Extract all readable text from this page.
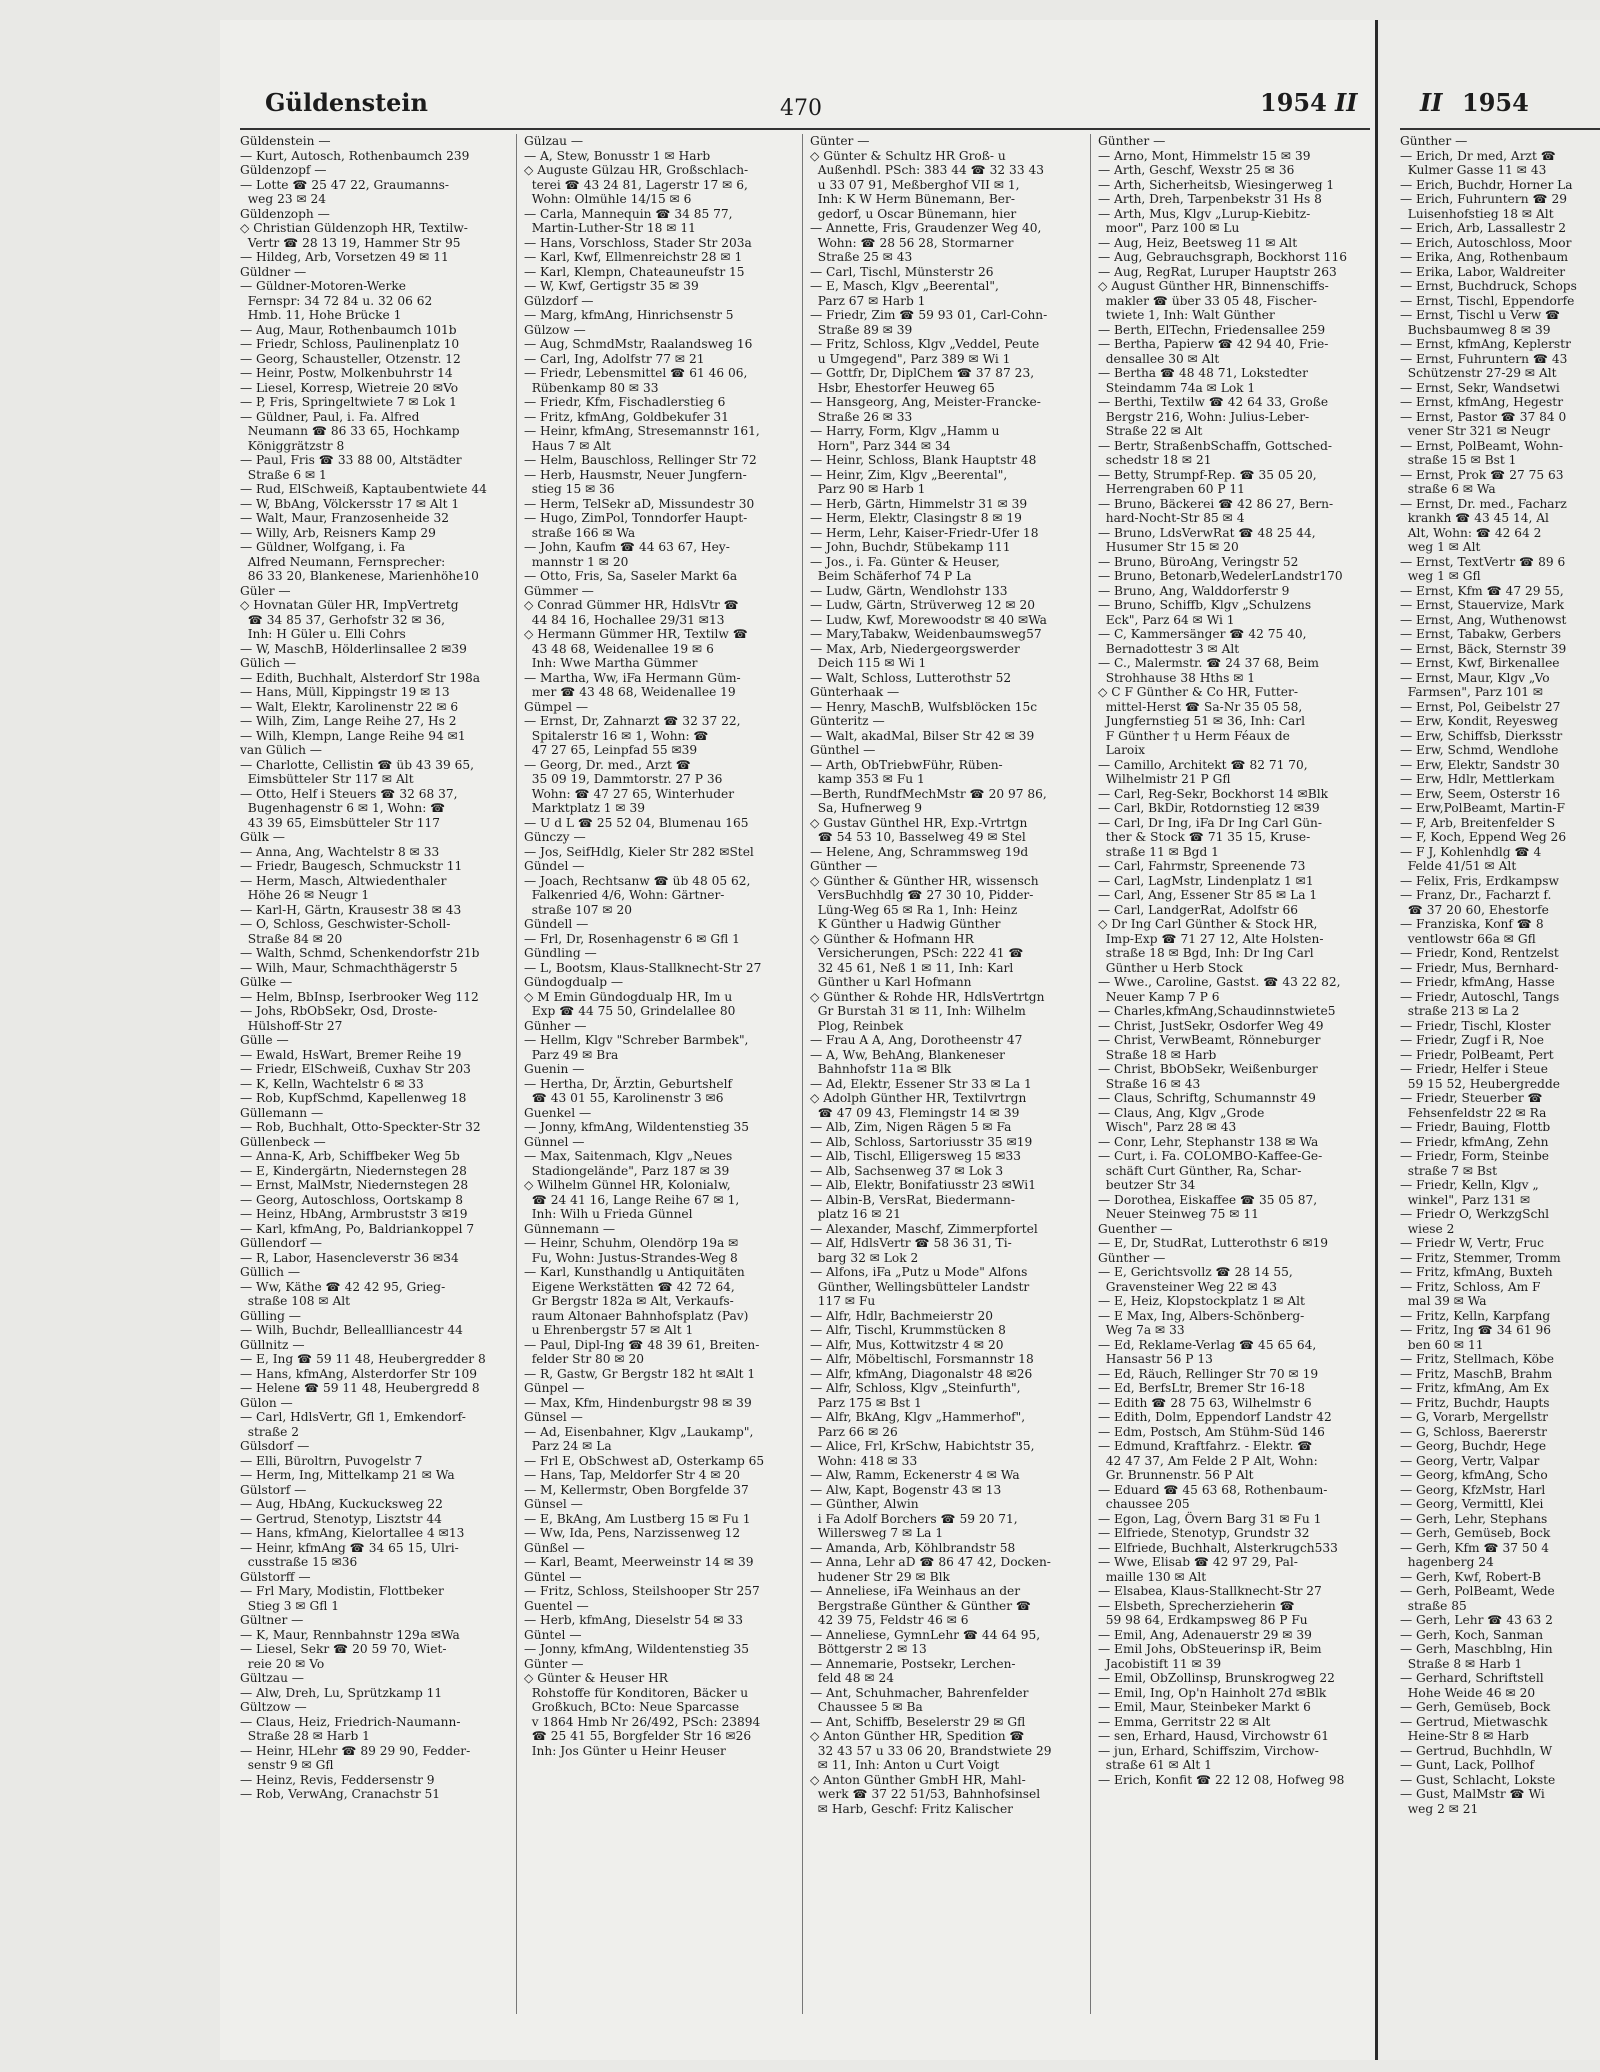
Güldenstein	470	1954 II	II 1954
Güldenstein —
— Kurt, Autosch, Rothenbaumch 239
Güldenzopf —
— Lotte ☎ 25 47 22, Graumanns-
weg 23 ✉ 24
Güldenzoph —
◇ Christian Güldenzoph HR, Textilw-
Vertr ☎ 28 13 19, Hammer Str 95
— Hildeg, Arb, Vorsetzen 49 ✉ 11
Güldner —
— Güldner-Motoren-Werke
Fernspr: 34 72 84 u. 32 06 62
Hmb. 11, Hohe Brücke 1
— Aug, Maur, Rothenbaumch 101b
— Friedr, Schloss, Paulinenplatz 10
— Georg, Schausteller, Otzenstr. 12
— Heinr, Postw, Molkenbuhrstr 14
— Liesel, Korresp, Wietreie 20 ✉Vo
— P, Fris, Springeltwiete 7 ✉ Lok 1
— Güldner, Paul, i. Fa. Alfred
Neumann ☎ 86 33 65, Hochkamp
Königgrätzstr 8
— Paul, Fris ☎ 33 88 00, Altstädter
Straße 6 ✉ 1
— Rud, ElSchweiß, Kaptaubentwiete 44
— W, BbAng, Völckersstr 17 ✉ Alt 1
— Walt, Maur, Franzosenheide 32
— Willy, Arb, Reisners Kamp 29
— Güldner, Wolfgang, i. Fa
Alfred Neumann, Fernsprecher:
86 33 20, Blankenese, Marienhöhe10
Güler —
◇ Hovnatan Güler HR, ImpVertretg
☎ 34 85 37, Gerhofstr 32 ✉ 36,
Inh: H Güler u. Elli Cohrs
— W, MaschB, Hölderlinsallee 2 ✉39
Gülich —
— Edith, Buchhalt, Alsterdorf Str 198a
— Hans, Müll, Kippingstr 19 ✉ 13
— Walt, Elektr, Karolinenstr 22 ✉ 6
— Wilh, Zim, Lange Reihe 27, Hs 2
— Wilh, Klempn, Lange Reihe 94 ✉1
van Gülich —
— Charlotte, Cellistin ☎ üb 43 39 65,
Eimsbütteler Str 117 ✉ Alt
— Otto, Helf i Steuers ☎ 32 68 37,
Bugenhagenstr 6 ✉ 1, Wohn: ☎
43 39 65, Eimsbütteler Str 117
Gülk —
— Anna, Ang, Wachtelstr 8 ✉ 33
— Friedr, Baugesch, Schmuckstr 11
— Herm, Masch, Altwiedenthaler
Höhe 26 ✉ Neugr 1
— Karl-H, Gärtn, Krausestr 38 ✉ 43
— O, Schloss, Geschwister-Scholl-
Straße 84 ✉ 20
— Walth, Schmd, Schenkendorfstr 21b
— Wilh, Maur, Schmachthägerstr 5
Gülke —
— Helm, BbInsp, Iserbrooker Weg 112
— Johs, RbObSekr, Osd, Droste-
Hülshoff-Str 27
Gülle —
— Ewald, HsWart, Bremer Reihe 19
— Friedr, ElSchweiß, Cuxhav Str 203
— K, Kelln, Wachtelstr 6 ✉ 33
— Rob, KupfSchmd, Kapellenweg 18
Güllemann —
— Rob, Buchhalt, Otto-Speckter-Str 32
Güllenbeck —
— Anna-K, Arb, Schiffbeker Weg 5b
— E, Kindergärtn, Niedernstegen 28
— Ernst, MalMstr, Niedernstegen 28
— Georg, Autoschloss, Oortskamp 8
— Heinz, HbAng, Armbruststr 3 ✉19
— Karl, kfmAng, Po, Baldriankoppel 7
Güllendorf —
— R, Labor, Hasencleverstr 36 ✉34
Güllich —
— Ww, Käthe ☎ 42 42 95, Grieg-
straße 108 ✉ Alt
Gülling —
— Wilh, Buchdr, Belleallliancestr 44
Güllnitz —
— E, Ing ☎ 59 11 48, Heubergredder 8
— Hans, kfmAng, Alsterdorfer Str 109
— Helene ☎ 59 11 48, Heubergredd 8
Gülon —
— Carl, HdlsVertr, Gfl 1, Emkendorf-
straße 2
Gülsdorf —
— Elli, Büroltrn, Puvogelstr 7
— Herm, Ing, Mittelkamp 21 ✉ Wa
Gülstorf —
— Aug, HbAng, Kuckucksweg 22
— Gertrud, Stenotyp, Lisztstr 44
— Hans, kfmAng, Kielortallee 4 ✉13
— Heinr, kfmAng ☎ 34 65 15, Ulri-
cusstraße 15 ✉36
Gülstorff —
— Frl Mary, Modistin, Flottbeker
Stieg 3 ✉ Gfl 1
Gültner —
— K, Maur, Rennbahnstr 129a ✉Wa
— Liesel, Sekr ☎ 20 59 70, Wiet-
reie 20 ✉ Vo
Gültzau —
— Alw, Dreh, Lu, Sprützkamp 11
Gültzow —
— Claus, Heiz, Friedrich-Naumann-
Straße 28 ✉ Harb 1
— Heinr, HLehr ☎ 89 29 90, Fedder-
senstr 9 ✉ Gfl
— Heinz, Revis, Feddersenstr 9
— Rob, VerwAng, Cranachstr 51
Gülzau —
— A, Stew, Bonusstr 1 ✉ Harb
◇ Auguste Gülzau HR, Großschlach-
terei ☎ 43 24 81, Lagerstr 17 ✉ 6,
Wohn: Olmühle 14/15 ✉ 6
— Carla, Mannequin ☎ 34 85 77,
Martin-Luther-Str 18 ✉ 11
— Hans, Vorschloss, Stader Str 203a
— Karl, Kwf, Ellmenreichstr 28 ✉ 1
— Karl, Klempn, Chateauneufstr 15
— W, Kwf, Gertigstr 35 ✉ 39
Gülzdorf —
— Marg, kfmAng, Hinrichsenstr 5
Gülzow —
— Aug, SchmdMstr, Raalandsweg 16
— Carl, Ing, Adolfstr 77 ✉ 21
— Friedr, Lebensmittel ☎ 61 46 06,
Rübenkamp 80 ✉ 33
— Friedr, Kfm, Fischadlerstieg 6
— Fritz, kfmAng, Goldbekufer 31
— Heinr, kfmAng, Stresemannstr 161,
Haus 7 ✉ Alt
— Helm, Bauschloss, Rellinger Str 72
— Herb, Hausmstr, Neuer Jungfern-
stieg 15 ✉ 36
— Herm, TelSekr aD, Missundestr 30
— Hugo, ZimPol, Tonndorfer Haupt-
straße 166 ✉ Wa
— John, Kaufm ☎ 44 63 67, Hey-
mannstr 1 ✉ 20
— Otto, Fris, Sa, Saseler Markt 6a
Gümmer —
◇ Conrad Gümmer HR, HdlsVtr ☎
44 84 16, Hochallee 29/31 ✉13
◇ Hermann Gümmer HR, Textilw ☎
43 48 68, Weidenallee 19 ✉ 6
Inh: Wwe Martha Gümmer
— Martha, Ww, iFa Hermann Güm-
mer ☎ 43 48 68, Weidenallee 19
Gümpel —
— Ernst, Dr, Zahnarzt ☎ 32 37 22,
Spitalerstr 16 ✉ 1, Wohn: ☎
47 27 65, Leinpfad 55 ✉39
— Georg, Dr. med., Arzt ☎
35 09 19, Dammtorstr. 27 P 36
Wohn: ☎ 47 27 65, Winterhuder
Marktplatz 1 ✉ 39
— U d L ☎ 25 52 04, Blumenau 165
Günczy —
— Jos, SeifHdlg, Kieler Str 282 ✉Stel
Gündel —
— Joach, Rechtsanw ☎ üb 48 05 62,
Falkenried 4/6, Wohn: Gärtner-
straße 107 ✉ 20
Gündell —
— Frl, Dr, Rosenhagenstr 6 ✉ Gfl 1
Gündling —
— L, Bootsm, Klaus-Stallknecht-Str 27
Gündogdualp —
◇ M Emin Gündogdualp HR, Im u
Exp ☎ 44 75 50, Grindelallee 80
Günher —
— Hellm, Klgv "Schreber Barmbek",
Parz 49 ✉ Bra
Guenin —
— Hertha, Dr, Ärztin, Geburtshelf
☎ 43 01 55, Karolinenstr 3 ✉6
Guenkel —
— Jonny, kfmAng, Wildentenstieg 35
Günnel —
— Max, Saitenmach, Klgv „Neues
Stadiongelände", Parz 187 ✉ 39
◇ Wilhelm Günnel HR, Kolonialw,
☎ 24 41 16, Lange Reihe 67 ✉ 1,
Inh: Wilh u Frieda Günnel
Günnemann —
— Heinr, Schuhm, Olendörp 19a ✉
Fu, Wohn: Justus-Strandes-Weg 8
— Karl, Kunsthandlg u Antiquitäten
Eigene Werkstätten ☎ 42 72 64,
Gr Bergstr 182a ✉ Alt, Verkaufs-
raum Altonaer Bahnhofsplatz (Pav)
u Ehrenbergstr 57 ✉ Alt 1
— Paul, Dipl-Ing ☎ 48 39 61, Breiten-
felder Str 80 ✉ 20
— R, Gastw, Gr Bergstr 182 ht ✉Alt 1
Günpel —
— Max, Kfm, Hindenburgstr 98 ✉ 39
Günsel —
— Ad, Eisenbahner, Klgv „Laukamp",
Parz 24 ✉ La
— Frl E, ObSchwest aD, Osterkamp 65
— Hans, Tap, Meldorfer Str 4 ✉ 20
— M, Kellermstr, Oben Borgfelde 37
Günsel —
— E, BkAng, Am Lustberg 15 ✉ Fu 1
— Ww, Ida, Pens, Narzissenweg 12
Günßel —
— Karl, Beamt, Meerweinstr 14 ✉ 39
Güntel —
— Fritz, Schloss, Steilshooper Str 257
Guentel —
— Herb, kfmAng, Dieselstr 54 ✉ 33
Güntel —
— Jonny, kfmAng, Wildentenstieg 35
Günter —
◇ Günter & Heuser HR
Rohstoffe für Konditoren, Bäcker u
Großkuch, BCto: Neue Sparcasse
v 1864 Hmb Nr 26/492, PSch: 23894
☎ 25 41 55, Borgfelder Str 16 ✉26
Inh: Jos Günter u Heinr Heuser
Günter —
◇ Günter & Schultz HR Groß- u
Außenhdl. PSch: 383 44 ☎ 32 33 43
u 33 07 91, Meßberghof VII ✉ 1,
Inh: K W Herm Bünemann, Ber-
gedorf, u Oscar Bünemann, hier
— Annette, Fris, Graudenzer Weg 40,
Wohn: ☎ 28 56 28, Stormarner
Straße 25 ✉ 43
— Carl, Tischl, Münsterstr 26
— E, Masch, Klgv „Beerental",
Parz 67 ✉ Harb 1
— Friedr, Zim ☎ 59 93 01, Carl-Cohn-
Straße 89 ✉ 39
— Fritz, Schloss, Klgv „Veddel, Peute
u Umgegend", Parz 389 ✉ Wi 1
— Gottfr, Dr, DiplChem ☎ 37 87 23,
Hsbr, Ehestorfer Heuweg 65
— Hansgeorg, Ang, Meister-Francke-
Straße 26 ✉ 33
— Harry, Form, Klgv „Hamm u
Horn", Parz 344 ✉ 34
— Heinr, Schloss, Blank Hauptstr 48
— Heinr, Zim, Klgv „Beerental",
Parz 90 ✉ Harb 1
— Herb, Gärtn, Himmelstr 31 ✉ 39
— Herm, Elektr, Clasingstr 8 ✉ 19
— Herm, Lehr, Kaiser-Friedr-Ufer 18
— John, Buchdr, Stübekamp 111
— Jos., i. Fa. Günter & Heuser,
Beim Schäferhof 74 P La
— Ludw, Gärtn, Wendlohstr 133
— Ludw, Gärtn, Strüverweg 12 ✉ 20
— Ludw, Kwf, Morewoodstr ✉ 40 ✉Wa
— Mary,Tabakw, Weidenbaumsweg57
— Max, Arb, Niedergeorgswerder
Deich 115 ✉ Wi 1
— Walt, Schloss, Lutterothstr 52
Günterhaak —
— Henry, MaschB, Wulfsblöcken 15c
Günteritz —
— Walt, akadMal, Bilser Str 42 ✉ 39
Günthel —
— Arth, ObTriebwFühr, Rüben-
kamp 353 ✉ Fu 1
—Berth, RundfMechMstr ☎ 20 97 86,
Sa, Hufnerweg 9
◇ Gustav Günthel HR, Exp.-Vrtrtgn
☎ 54 53 10, Basselweg 49 ✉ Stel
— Helene, Ang, Schrammsweg 19d
Günther —
◇ Günther & Günther HR, wissensch
VersBuchhdlg ☎ 27 30 10, Pidder-
Lüng-Weg 65 ✉ Ra 1, Inh: Heinz
K Günther u Hadwig Günther
◇ Günther & Hofmann HR
Versicherungen, PSch: 222 41 ☎
32 45 61, Neß 1 ✉ 11, Inh: Karl
Günther u Karl Hofmann
◇ Günther & Rohde HR, HdlsVertrtgn
Gr Burstah 31 ✉ 11, Inh: Wilhelm
Plog, Reinbek
— Frau A A, Ang, Dorotheenstr 47
— A, Ww, BehAng, Blankeneser
Bahnhofstr 11a ✉ Blk
— Ad, Elektr, Essener Str 33 ✉ La 1
◇ Adolph Günther HR, Textilvrtrgn
☎ 47 09 43, Flemingstr 14 ✉ 39
— Alb, Zim, Nigen Rägen 5 ✉ Fa
— Alb, Schloss, Sartoriusstr 35 ✉19
— Alb, Tischl, Elligersweg 15 ✉33
— Alb, Sachsenweg 37 ✉ Lok 3
— Alb, Elektr, Bonifatiusstr 23 ✉Wi1
— Albin-B, VersRat, Biedermann-
platz 16 ✉ 21
— Alexander, Maschf, Zimmerpfortel
— Alf, HdlsVertr ☎ 58 36 31, Ti-
barg 32 ✉ Lok 2
— Alfons, iFa „Putz u Mode" Alfons
Günther, Wellingsbütteler Landstr
117 ✉ Fu
— Alfr, Hdlr, Bachmeierstr 20
— Alfr, Tischl, Krummstücken 8
— Alfr, Mus, Kottwitzstr 4 ✉ 20
— Alfr, Möbeltischl, Forsmannstr 18
— Alfr, kfmAng, Diagonalstr 48 ✉26
— Alfr, Schloss, Klgv „Steinfurth",
Parz 175 ✉ Bst 1
— Alfr, BkAng, Klgv „Hammerhof",
Parz 66 ✉ 26
— Alice, Frl, KrSchw, Habichtstr 35,
Wohn: 418 ✉ 33
— Alw, Ramm, Eckenerstr 4 ✉ Wa
— Alw, Kapt, Bogenstr 43 ✉ 13
— Günther, Alwin
i Fa Adolf Borchers ☎ 59 20 71,
Willersweg 7 ✉ La 1
— Amanda, Arb, Köhlbrandstr 58
— Anna, Lehr aD ☎ 86 47 42, Docken-
hudener Str 29 ✉ Blk
— Anneliese, iFa Weinhaus an der
Bergstraße Günther & Günther ☎
42 39 75, Feldstr 46 ✉ 6
— Anneliese, GymnLehr ☎ 44 64 95,
Böttgerstr 2 ✉ 13
— Annemarie, Postsekr, Lerchen-
feld 48 ✉ 24
— Ant, Schuhmacher, Bahrenfelder
Chaussee 5 ✉ Ba
— Ant, Schiffb, Beselerstr 29 ✉ Gfl
◇ Anton Günther HR, Spedition ☎
32 43 57 u 33 06 20, Brandstwiete 29
✉ 11, Inh: Anton u Curt Voigt
◇ Anton Günther GmbH HR, Mahl-
werk ☎ 37 22 51/53, Bahnhofsinsel
✉ Harb, Geschf: Fritz Kalischer
Günther —
— Arno, Mont, Himmelstr 15 ✉ 39
— Arth, Geschf, Wexstr 25 ✉ 36
— Arth, Sicherheitsb, Wiesingerweg 1
— Arth, Dreh, Tarpenbekstr 31 Hs 8
— Arth, Mus, Klgv „Lurup-Kiebitz-
moor", Parz 100 ✉ Lu
— Aug, Heiz, Beetsweg 11 ✉ Alt
— Aug, Gebrauchsgraph, Bockhorst 116
— Aug, RegRat, Luruper Hauptstr 263
◇ August Günther HR, Binnenschiffs-
makler ☎ über 33 05 48, Fischer-
twiete 1, Inh: Walt Günther
— Berth, ElTechn, Friedensallee 259
— Bertha, Papierw ☎ 42 94 40, Frie-
densallee 30 ✉ Alt
— Bertha ☎ 48 48 71, Lokstedter
Steindamm 74a ✉ Lok 1
— Berthi, Textilw ☎ 42 64 33, Große
Bergstr 216, Wohn: Julius-Leber-
Straße 22 ✉ Alt
— Bertr, StraßenbSchaffn, Gottsched-
schedstr 18 ✉ 21
— Betty, Strumpf-Rep. ☎ 35 05 20,
Herrengraben 60 P 11
— Bruno, Bäckerei ☎ 42 86 27, Bern-
hard-Nocht-Str 85 ✉ 4
— Bruno, LdsVerwRat ☎ 48 25 44,
Husumer Str 15 ✉ 20
— Bruno, BüroAng, Veringstr 52
— Bruno, Betonarb,WedelerLandstr170
— Bruno, Ang, Walddorferstr 9
— Bruno, Schiffb, Klgv „Schulzens
Eck", Parz 64 ✉ Wi 1
— C, Kammersänger ☎ 42 75 40,
Bernadottestr 3 ✉ Alt
— C., Malermstr. ☎ 24 37 68, Beim
Strohhause 38 Hths ✉ 1
◇ C F Günther & Co HR, Futter-
mittel-Herst ☎ Sa-Nr 35 05 58,
Jungfernstieg 51 ✉ 36, Inh: Carl
F Günther † u Herm Féaux de
Laroix
— Camillo, Architekt ☎ 82 71 70,
Wilhelmistr 21 P Gfl
— Carl, Reg-Sekr, Bockhorst 14 ✉Blk
— Carl, BkDir, Rotdornstieg 12 ✉39
— Carl, Dr Ing, iFa Dr Ing Carl Gün-
ther & Stock ☎ 71 35 15, Kruse-
straße 11 ✉ Bgd 1
— Carl, Fahrmstr, Spreenende 73
— Carl, LagMstr, Lindenplatz 1 ✉1
— Carl, Ang, Essener Str 85 ✉ La 1
— Carl, LandgerRat, Adolfstr 66
◇ Dr Ing Carl Günther & Stock HR,
Imp-Exp ☎ 71 27 12, Alte Holsten-
straße 18 ✉ Bgd, Inh: Dr Ing Carl
Günther u Herb Stock
— Wwe., Caroline, Gastst. ☎ 43 22 82,
Neuer Kamp 7 P 6
— Charles,kfmAng,Schaudinnstwiete5
— Christ, JustSekr, Osdorfer Weg 49
— Christ, VerwBeamt, Rönneburger
Straße 18 ✉ Harb
— Christ, BbObSekr, Weißenburger
Straße 16 ✉ 43
— Claus, Schriftg, Schumannstr 49
— Claus, Ang, Klgv „Grode
Wisch", Parz 28 ✉ 43
— Conr, Lehr, Stephanstr 138 ✉ Wa
— Curt, i. Fa. COLOMBO-Kaffee-Ge-
schäft Curt Günther, Ra, Schar-
beutzer Str 34
— Dorothea, Eiskaffee ☎ 35 05 87,
Neuer Steinweg 75 ✉ 11
Guenther —
— E, Dr, StudRat, Lutterothstr 6 ✉19
Günther —
— E, Gerichtsvollz ☎ 28 14 55,
Gravensteiner Weg 22 ✉ 43
— E, Heiz, Klopstockplatz 1 ✉ Alt
— E Max, Ing, Albers-Schönberg-
Weg 7a ✉ 33
— Ed, Reklame-Verlag ☎ 45 65 64,
Hansastr 56 P 13
— Ed, Räuch, Rellinger Str 70 ✉ 19
— Ed, BerfsLtr, Bremer Str 16-18
— Edith ☎ 28 75 63, Wilhelmstr 6
— Edith, Dolm, Eppendorf Landstr 42
— Edm, Postsch, Am Stühm-Süd 146
— Edmund, Kraftfahrz. - Elektr. ☎
42 47 37, Am Felde 2 P Alt, Wohn:
Gr. Brunnenstr. 56 P Alt
— Eduard ☎ 45 63 68, Rothenbaum-
chaussee 205
— Egon, Lag, Övern Barg 31 ✉ Fu 1
— Elfriede, Stenotyp, Grundstr 32
— Elfriede, Buchhalt, Alsterkrugch533
— Wwe, Elisab ☎ 42 97 29, Pal-
maille 130 ✉ Alt
— Elsabea, Klaus-Stallknecht-Str 27
— Elsbeth, Sprecherzieherin ☎
59 98 64, Erdkampsweg 86 P Fu
— Emil, Ang, Adenauerstr 29 ✉ 39
— Emil Johs, ObSteuerinsp iR, Beim
Jacobistift 11 ✉ 39
— Emil, ObZollinsp, Brunskrogweg 22
— Emil, Ing, Op'n Hainholt 27d ✉Blk
— Emil, Maur, Steinbeker Markt 6
— Emma, Gerritstr 22 ✉ Alt
— sen, Erhard, Hausd, Virchowstr 61
— jun, Erhard, Schiffszim, Virchow-
straße 61 ✉ Alt 1
— Erich, Konfit ☎ 22 12 08, Hofweg 98
Günther —
— Erich, Dr med, Arzt ☎
Kulmer Gasse 11 ✉ 43
— Erich, Buchdr, Horner La
— Erich, Fuhruntern ☎ 29
Luisenhofstieg 18 ✉ Alt
— Erich, Arb, Lassallestr 2
— Erich, Autoschloss, Moor
— Erika, Ang, Rothenbaum
— Erika, Labor, Waldreiter
— Ernst, Buchdruck, Schops
— Ernst, Tischl, Eppendorfe
— Ernst, Tischl u Verw ☎
Buchsbaumweg 8 ✉ 39
— Ernst, kfmAng, Keplerstr
— Ernst, Fuhruntern ☎ 43
Schützenstr 27-29 ✉ Alt
— Ernst, Sekr, Wandsetwi
— Ernst, kfmAng, Hegestr
— Ernst, Pastor ☎ 37 84 0
vener Str 321 ✉ Neugr
— Ernst, PolBeamt, Wohn-
straße 15 ✉ Bst 1
— Ernst, Prok ☎ 27 75 63
straße 6 ✉ Wa
— Ernst, Dr. med., Facharz
krankh ☎ 43 45 14, Al
Alt, Wohn: ☎ 42 64 2
weg 1 ✉ Alt
— Ernst, TextVertr ☎ 89 6
weg 1 ✉ Gfl
— Ernst, Kfm ☎ 47 29 55,
— Ernst, Stauervize, Mark
— Ernst, Ang, Wuthenowst
— Ernst, Tabakw, Gerbers
— Ernst, Bäck, Sternstr 39
— Ernst, Kwf, Birkenallee
— Ernst, Maur, Klgv „Vo
Farmsen", Parz 101 ✉
— Ernst, Pol, Geibelstr 27
— Erw, Kondit, Reyesweg
— Erw, Schiffsb, Dierksstr
— Erw, Schmd, Wendlohe
— Erw, Elektr, Sandstr 30
— Erw, Hdlr, Mettlerkam
— Erw, Seem, Osterstr 16
— Erw,PolBeamt, Martin-F
— F, Arb, Breitenfelder S
— F, Koch, Eppend Weg 26
— F J, Kohlenhdlg ☎ 4
Felde 41/51 ✉ Alt
— Felix, Fris, Erdkampsw
— Franz, Dr., Facharzt f.
☎ 37 20 60, Ehestorfe
— Franziska, Konf ☎ 8
ventlowstr 66a ✉ Gfl
— Friedr, Kond, Rentzelst
— Friedr, Mus, Bernhard-
— Friedr, kfmAng, Hasse
— Friedr, Autoschl, Tangs
straße 213 ✉ La 2
— Friedr, Tischl, Kloster
— Friedr, Zugf i R, Noe
— Friedr, PolBeamt, Pert
— Friedr, Helfer i Steue
59 15 52, Heubergredde
— Friedr, Steuerber ☎
Fehsenfeldstr 22 ✉ Ra
— Friedr, Bauing, Flottb
— Friedr, kfmAng, Zehn
— Friedr, Form, Steinbe
straße 7 ✉ Bst
— Friedr, Kelln, Klgv „
winkel", Parz 131 ✉
— Friedr O, WerkzgSchl
wiese 2
— Friedr W, Vertr, Fruc
— Fritz, Stemmer, Tromm
— Fritz, kfmAng, Buxteh
— Fritz, Schloss, Am F
mal 39 ✉ Wa
— Fritz, Kelln, Karpfang
— Fritz, Ing ☎ 34 61 96
ben 60 ✉ 11
— Fritz, Stellmach, Köbe
— Fritz, MaschB, Brahm
— Fritz, kfmAng, Am Ex
— Fritz, Buchdr, Haupts
— G, Vorarb, Mergellstr
— G, Schloss, Baererstr
— Georg, Buchdr, Hege
— Georg, Vertr, Valpar
— Georg, kfmAng, Scho
— Georg, KfzMstr, Harl
— Georg, Vermittl, Klei
— Gerh, Lehr, Stephans
— Gerh, Gemüseb, Bock
— Gerh, Kfm ☎ 37 50 4
hagenberg 24
— Gerh, Kwf, Robert-B
— Gerh, PolBeamt, Wede
straße 85
— Gerh, Lehr ☎ 43 63 2
— Gerh, Koch, Sanman
— Gerh, Maschblng, Hin
Straße 8 ✉ Harb 1
— Gerhard, Schriftstell
Hohe Weide 46 ✉ 20
— Gerh, Gemüseb, Bock
— Gertrud, Mietwaschk
Heine-Str 8 ✉ Harb
— Gertrud, Buchhdln, W
— Gunt, Lack, Pollhof
— Gust, Schlacht, Lokste
— Gust, MalMstr ☎ Wi
weg 2 ✉ 21
